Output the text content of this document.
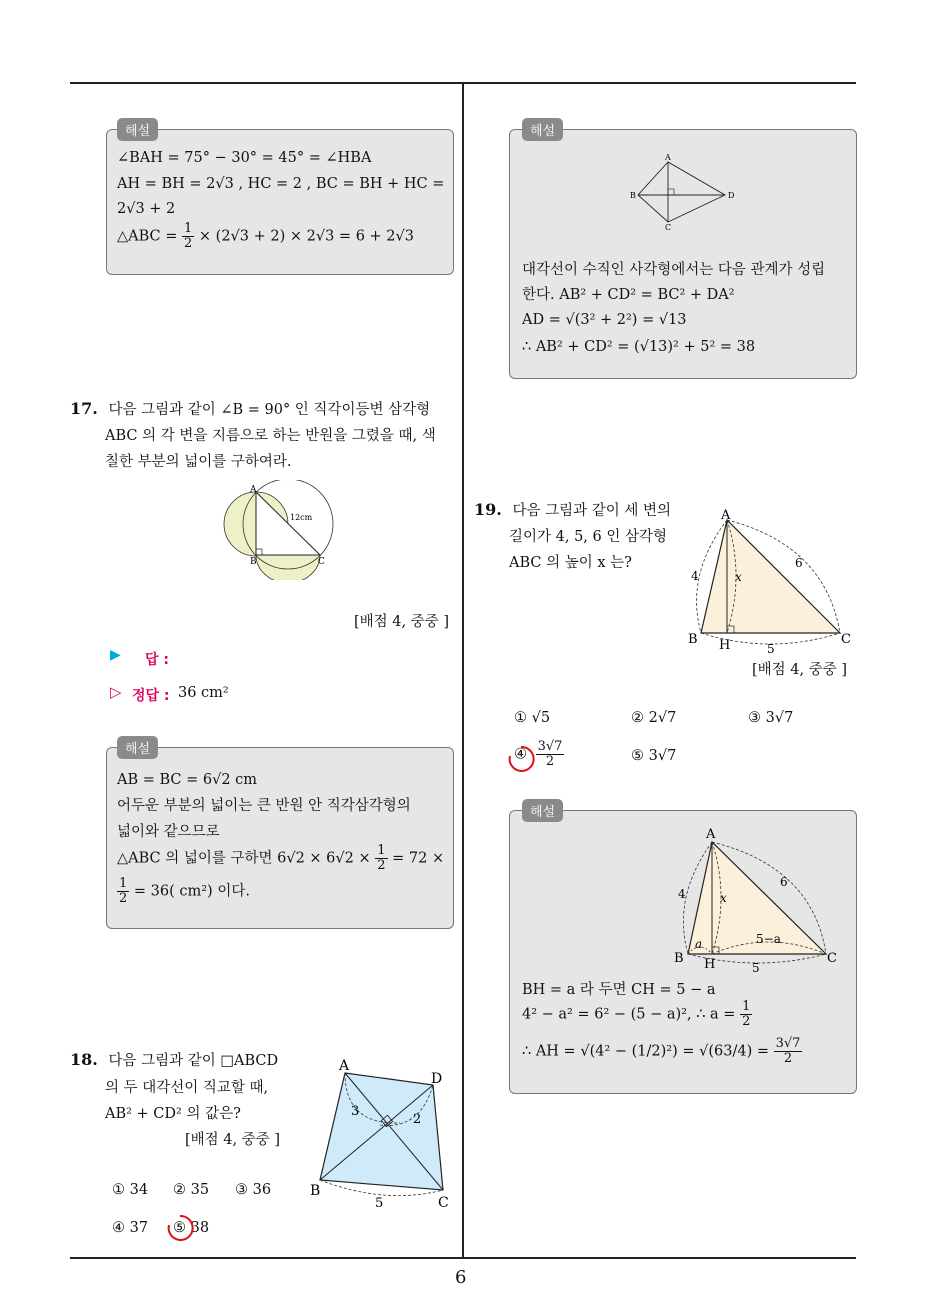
6
해설
∠BAH = 75° − 30° = 45° = ∠HBA
AH = BH = 2√3 , HC = 2 , BC = BH + HC =
2√3 + 2
△ABC = $\frac{1}{2} \times (2√3 + 2) \times 2√3 = 6 + 2√3$
17. 다음 그림과 같이 ∠B = 90° 인 직각이등변 삼각형
ABC 의 각 변을 지름으로 하는 반원을 그렸을 때, 색
칠한 부분의 넓이를 구하여라.
A
B	C
12cm
[배점 4, 중중 ]
▶ 답 :
▷ 정답 : 36 cm²
해설
AB = BC = 6√2 cm
어두운 부분의 넓이는 큰 반원 안 직각삼각형의
넓이와 같으므로
△ABC 의 넓이를 구하면 $6√2 \times 6√2 \times \frac{1}{2} = 72$ ×
$\frac{1}{2} = 36$( cm²) 이다.
18. 다음 그림과 같이 □ABCD
의 두 대각선이 직교할 때,
AB² + CD² 의 값은?
[배점 4, 중중 ]
A
D
B
C
3
2
5
① 34 ② 35 ③ 36
④ 37 ⑤ 38
해설
A
B
C
D
대각선이 수직인 사각형에서는 다음 관계가 성립
한다. AB² + CD² = BC² + DA²
AD = √(3² + 2²) = √13
∴ AB² + CD² = (√13)² + 5² = 38
19. 다음 그림과 같이 세 변의
길이가 4, 5, 6 인 삼각형
ABC 의 높이 x 는?
A
B	C
H
4
6
5
x
[배점 4, 중중 ]
① √5	② 2√7	③ 3√7
④ $\frac{3√7}{2}$	⑤ 3√7
해설
A
B	C
H
4
6
5
x
a	5−a
BH = a 라 두면 CH = 5 − a
4² − a² = 6² − (5 − a)², ∴ $a = \frac{1}{2}$
∴ AH = $√(4^2 - (1/2)^2) = √(63/4) = \frac{3√7}{2}$
